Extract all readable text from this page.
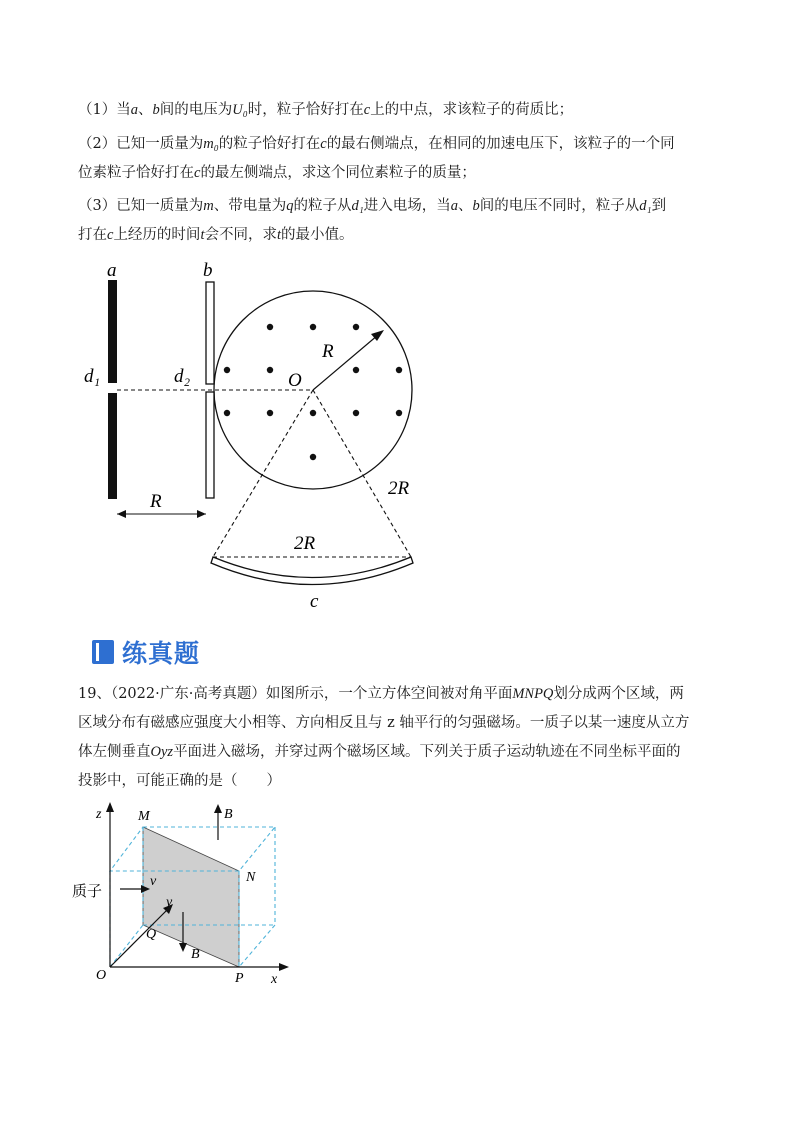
（1）当a、b间的电压为U₀时，粒子恰好打在c上的中点，求该粒子的荷质比；
（2）已知一质量为m₀的粒子恰好打在c的最右侧端点，在相同的加速电压下，该粒子的一个同
位素粒子恰好打在c的最左侧端点，求这个同位素粒子的质量；
（3）已知一质量为m、带电量为q的粒子从d₁进入电场，当a、b间的电压不同时，粒子从d₁到
打在c上经历的时间t会不同，求t的最小值。
a	b
d₁	d₂	O
R
2R
R
2R
c
练真题
19、（2022·广东·高考真题）如图所示，一个立方体空间被对角平面MNPQ划分成两个区域，两
区域分布有磁感应强度大小相等、方向相反且与 z 轴平行的匀强磁场。一质子以某一速度从立方
体左侧垂直Oyz平面进入磁场，并穿过两个磁场区域。下列关于质子运动轨迹在不同坐标平面的
投影中，可能正确的是（　　）
z	M	B
N
质子
v
y
Q
B
O	P x
